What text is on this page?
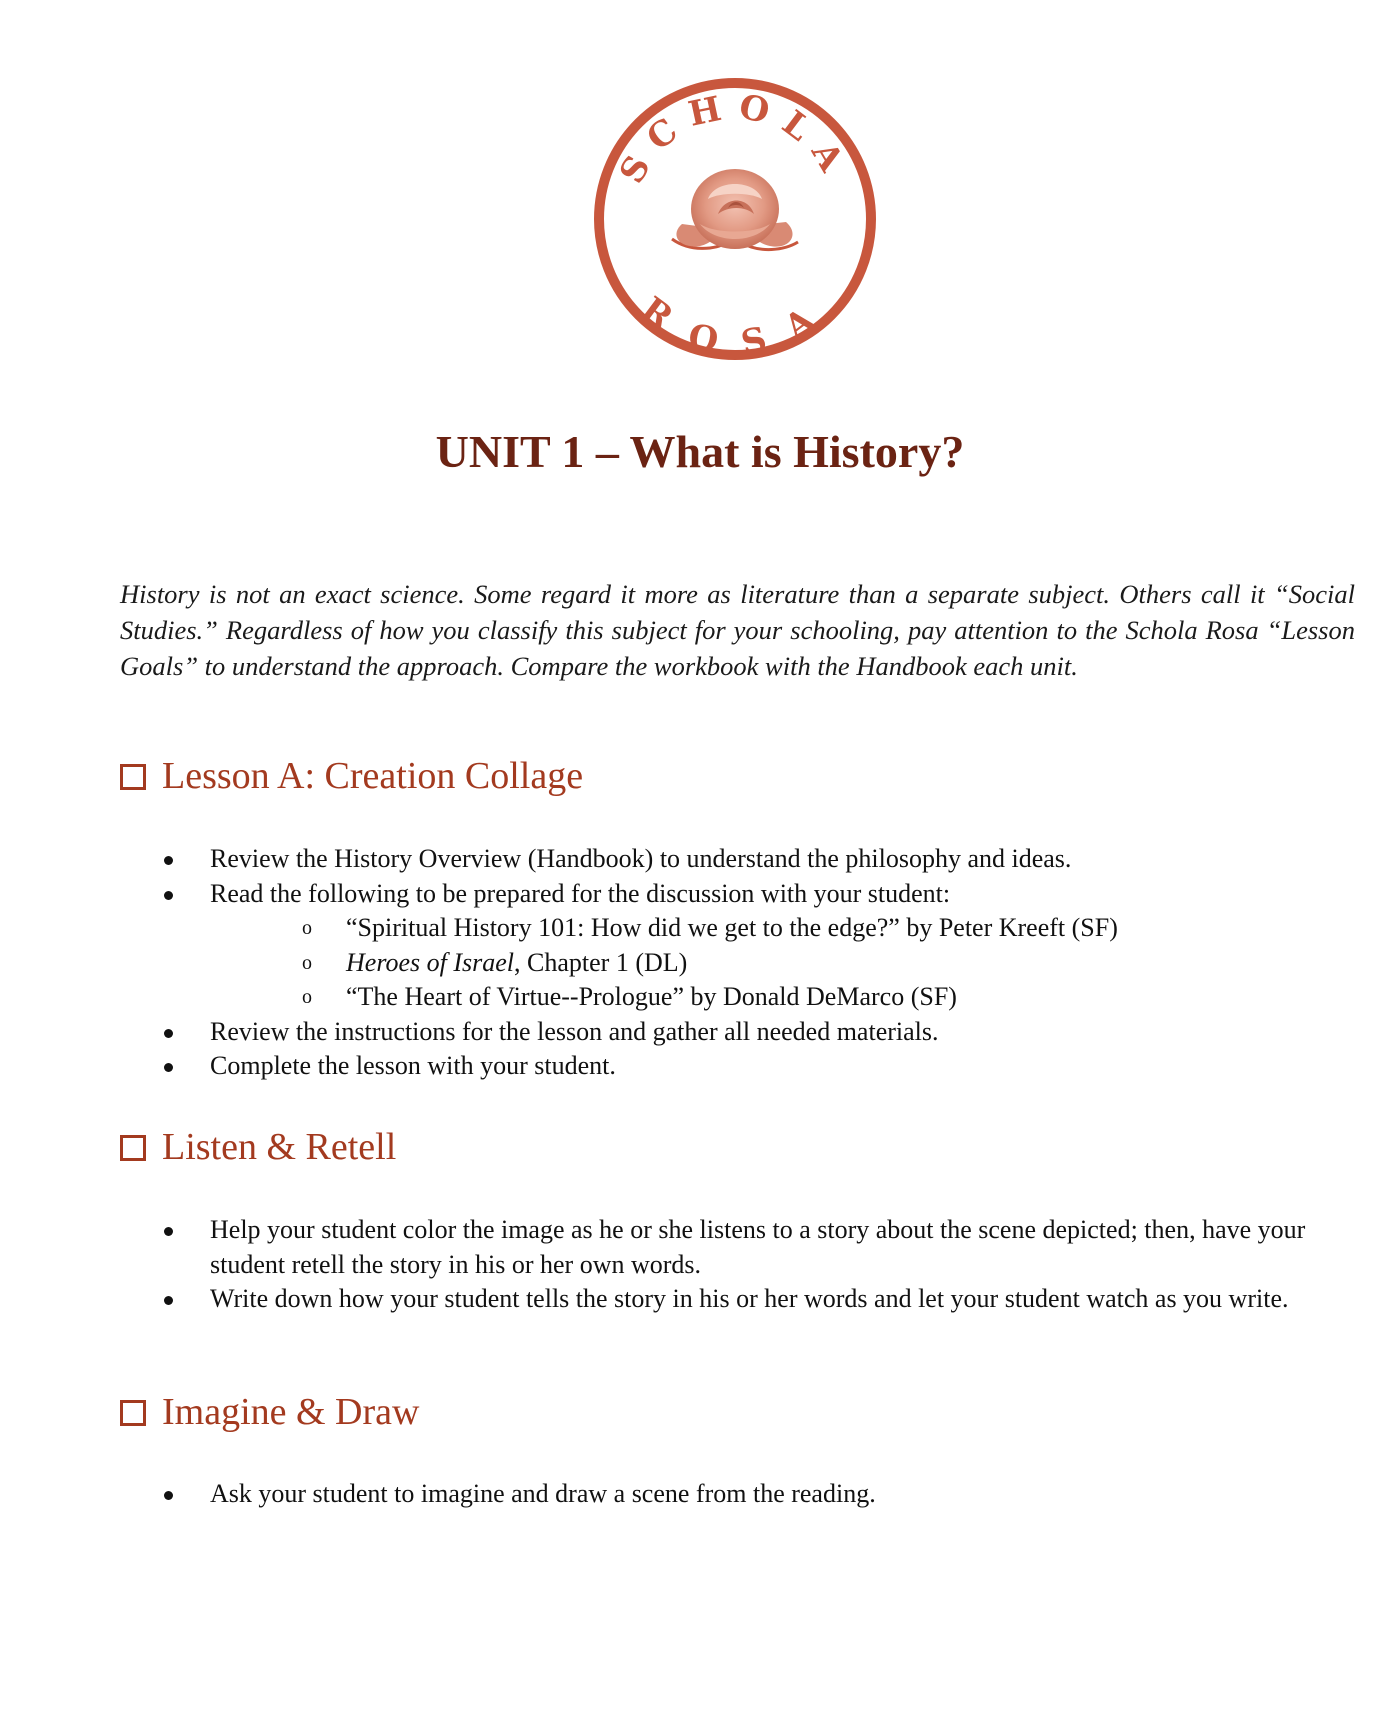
SCHOLA
ROSA
UNIT 1 – What is History?

History is not an exact science. Some regard it more as literature than a separate subject. Others call it “Social Studies.” Regardless of how you classify this subject for your schooling, pay attention to the Schola Rosa “Lesson Goals” to understand the approach. Compare the workbook with the Handbook each unit.

Lesson A: Creation Collage
Review the History Overview (Handbook) to understand the philosophy and ideas.
Read the following to be prepared for the discussion with your student:
o “Spiritual History 101: How did we get to the edge?” by Peter Kreeft (SF)
o Heroes of Israel, Chapter 1 (DL)
o “The Heart of Virtue--Prologue” by Donald DeMarco (SF)
Review the instructions for the lesson and gather all needed materials.
Complete the lesson with your student.
Listen & Retell
Help your student color the image as he or she listens to a story about the scene depicted; then, have your student retell the story in his or her own words.
Write down how your student tells the story in his or her words and let your student watch as you write.
Imagine & Draw
Ask your student to imagine and draw a scene from the reading.
